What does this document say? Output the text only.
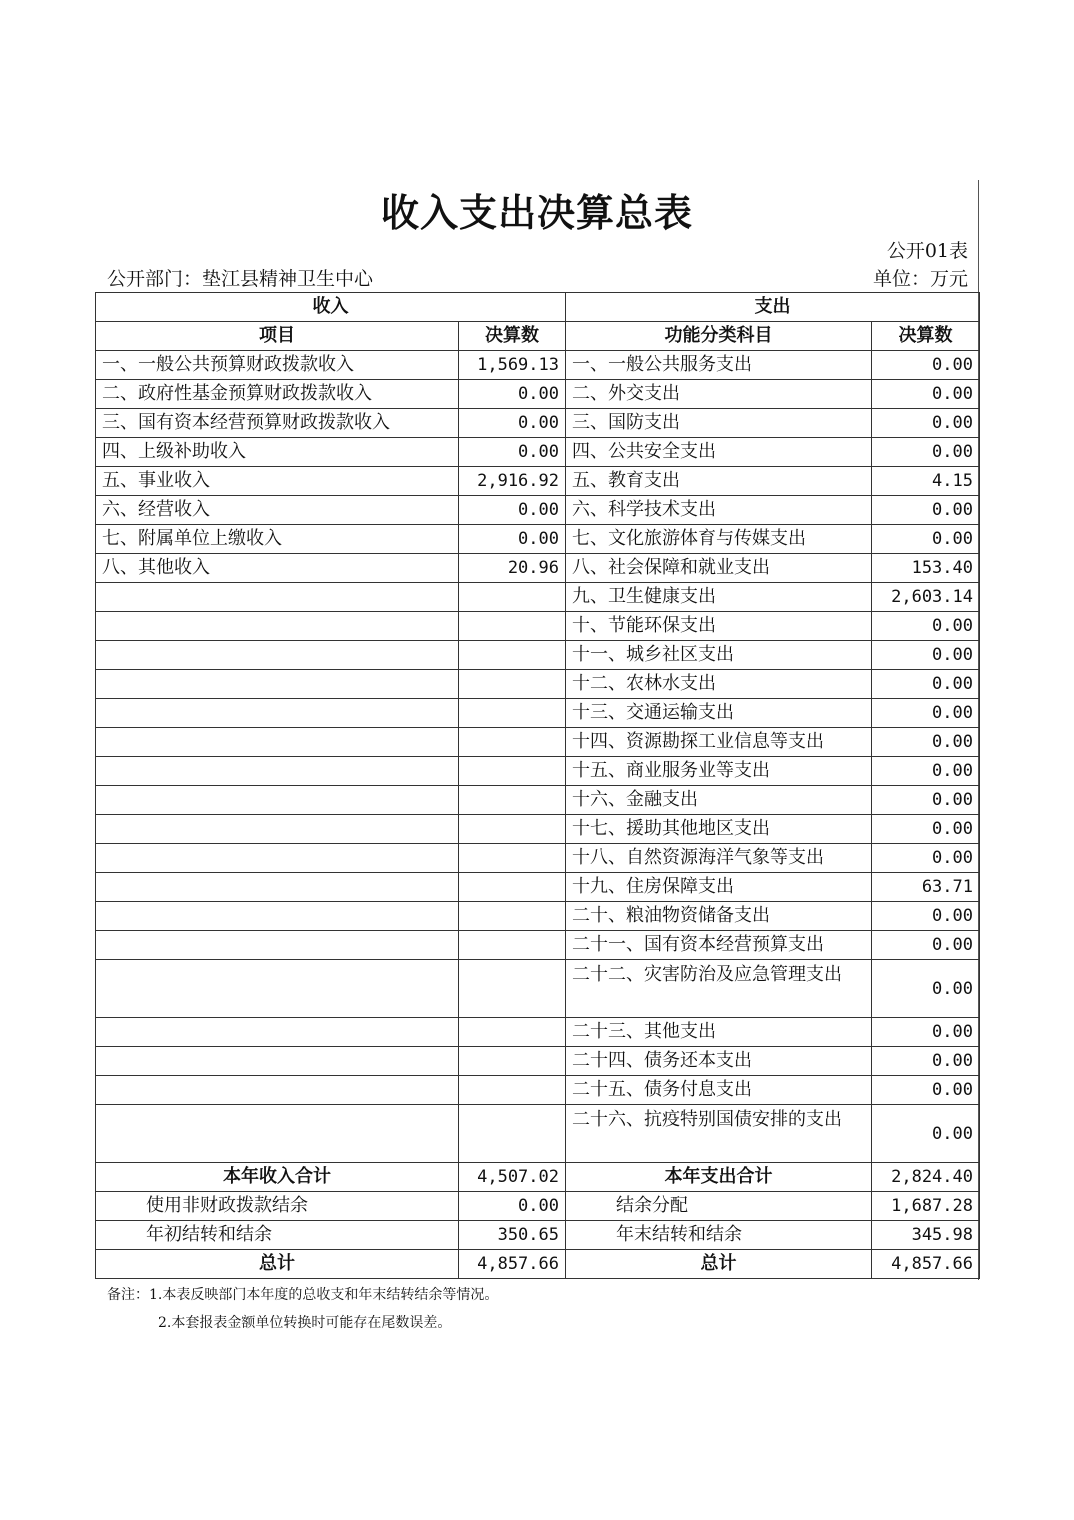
收入支出决算总表
公开01表
公开部门：垫江县精神卫生中心	单位：万元
收入		支出	
项目	决算数	功能分类科目	决算数
一、一般公共预算财政拨款收入	1,569.13	一、一般公共服务支出	0.00
二、政府性基金预算财政拨款收入	0.00	二、外交支出	0.00
三、国有资本经营预算财政拨款收入	0.00	三、国防支出	0.00
四、上级补助收入	0.00	四、公共安全支出	0.00
五、事业收入	2,916.92	五、教育支出	4.15
六、经营收入	0.00	六、科学技术支出	0.00
七、附属单位上缴收入	0.00	七、文化旅游体育与传媒支出	0.00
八、其他收入	20.96	八、社会保障和就业支出	153.40
		九、卫生健康支出	2,603.14
		十、节能环保支出	0.00
		十一、城乡社区支出	0.00
		十二、农林水支出	0.00
		十三、交通运输支出	0.00
		十四、资源勘探工业信息等支出	0.00
		十五、商业服务业等支出	0.00
		十六、金融支出	0.00
		十七、援助其他地区支出	0.00
		十八、自然资源海洋气象等支出	0.00
		十九、住房保障支出	63.71
		二十、粮油物资储备支出	0.00
		二十一、国有资本经营预算支出	0.00
		二十二、灾害防治及应急管理支出	0.00
		二十三、其他支出	0.00
		二十四、债务还本支出	0.00
		二十五、债务付息支出	0.00
		二十六、抗疫特别国债安排的支出	0.00
本年收入合计	4,507.02	本年支出合计	2,824.40
使用非财政拨款结余	0.00	结余分配	1,687.28
年初结转和结余	350.65	年末结转和结余	345.98
总计	4,857.66	总计	4,857.66
备注：1.本表反映部门本年度的总收支和年末结转结余等情况。
2.本套报表金额单位转换时可能存在尾数误差。
